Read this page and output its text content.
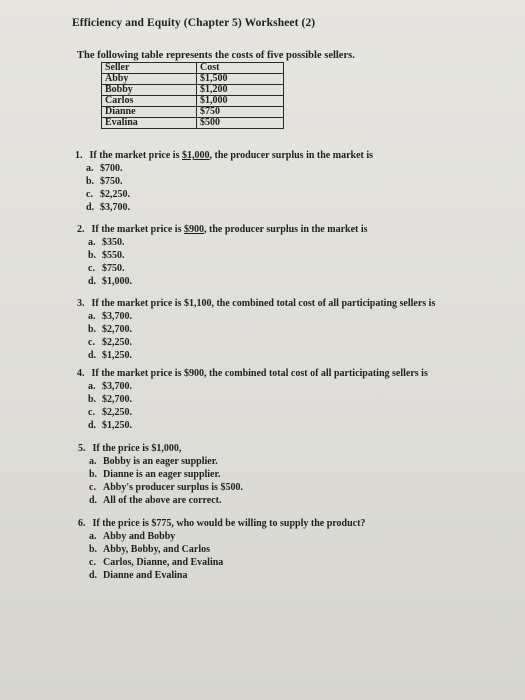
Efficiency and Equity (Chapter 5) Worksheet (2)
The following table represents the costs of five possible sellers.
Seller	Cost
Abby	$1,500
Bobby	$1,200
Carlos	$1,000
Dianne	$750
Evalina	$500
1. If the market price is $1,000, the producer surplus in the market is
a. $700.
b. $750.
c. $2,250.
d. $3,700.
2. If the market price is $900, the producer surplus in the market is
a. $350.
b. $550.
c. $750.
d. $1,000.
3. If the market price is $1,100, the combined total cost of all participating sellers is
a. $3,700.
b. $2,700.
c. $2,250.
d. $1,250.
4. If the market price is $900, the combined total cost of all participating sellers is
a. $3,700.
b. $2,700.
c. $2,250.
d. $1,250.
5. If the price is $1,000,
a. Bobby is an eager supplier.
b. Dianne is an eager supplier.
c. Abby's producer surplus is $500.
d. All of the above are correct.
6. If the price is $775, who would be willing to supply the product?
a. Abby and Bobby
b. Abby, Bobby, and Carlos
c. Carlos, Dianne, and Evalina
d. Dianne and Evalina
